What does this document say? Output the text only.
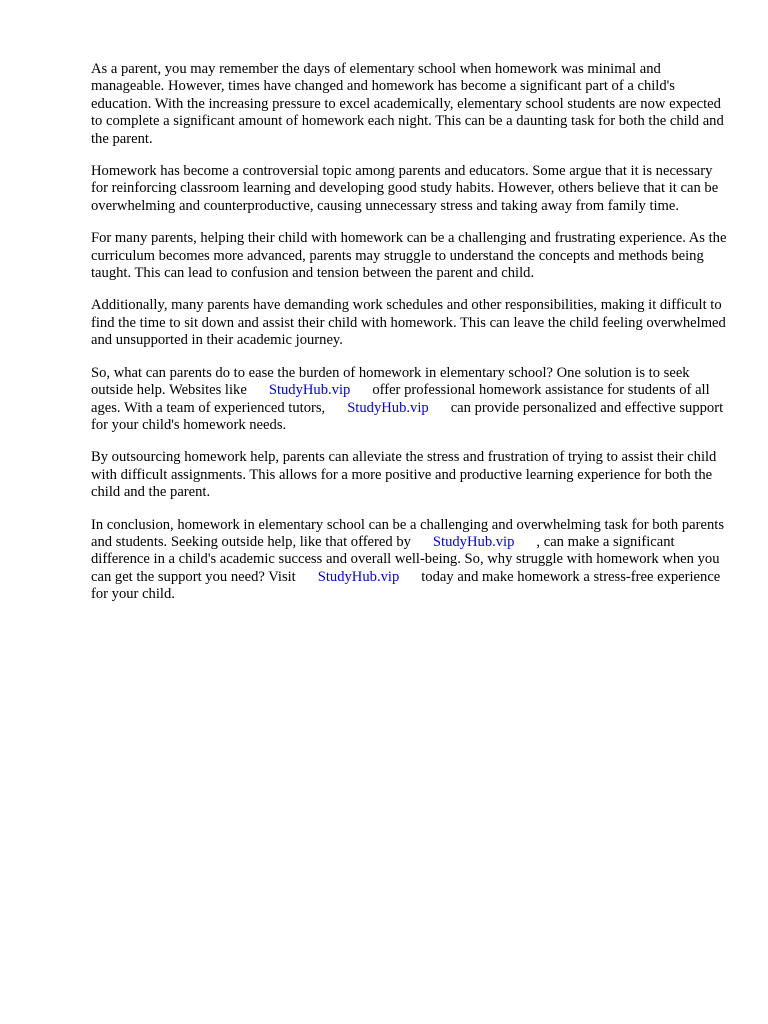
As a parent, you may remember the days of elementary school when homework was minimal and manageable. However, times have changed and homework has become a significant part of a child's education. With the increasing pressure to excel academically, elementary school students are now expected to complete a significant amount of homework each night. This can be a daunting task for both the child and the parent.

Homework has become a controversial topic among parents and educators. Some argue that it is necessary for reinforcing classroom learning and developing good study habits. However, others believe that it can be overwhelming and counterproductive, causing unnecessary stress and taking away from family time.

For many parents, helping their child with homework can be a challenging and frustrating experience. As the curriculum becomes more advanced, parents may struggle to understand the concepts and methods being taught. This can lead to confusion and tension between the parent and child.

Additionally, many parents have demanding work schedules and other responsibilities, making it difficult to find the time to sit down and assist their child with homework. This can leave the child feeling overwhelmed and unsupported in their academic journey.

So, what can parents do to ease the burden of homework in elementary school? One solution is to seek outside help. Websites like StudyHub.vip offer professional homework assistance for students of all ages. With a team of experienced tutors, StudyHub.vip can provide personalized and effective support for your child's homework needs.

By outsourcing homework help, parents can alleviate the stress and frustration of trying to assist their child with difficult assignments. This allows for a more positive and productive learning experience for both the child and the parent.

In conclusion, homework in elementary school can be a challenging and overwhelming task for both parents and students. Seeking outside help, like that offered by StudyHub.vip , can make a significant difference in a child's academic success and overall well-being. So, why struggle with homework when you can get the support you need? Visit StudyHub.vip today and make homework a stress-free experience for your child.
